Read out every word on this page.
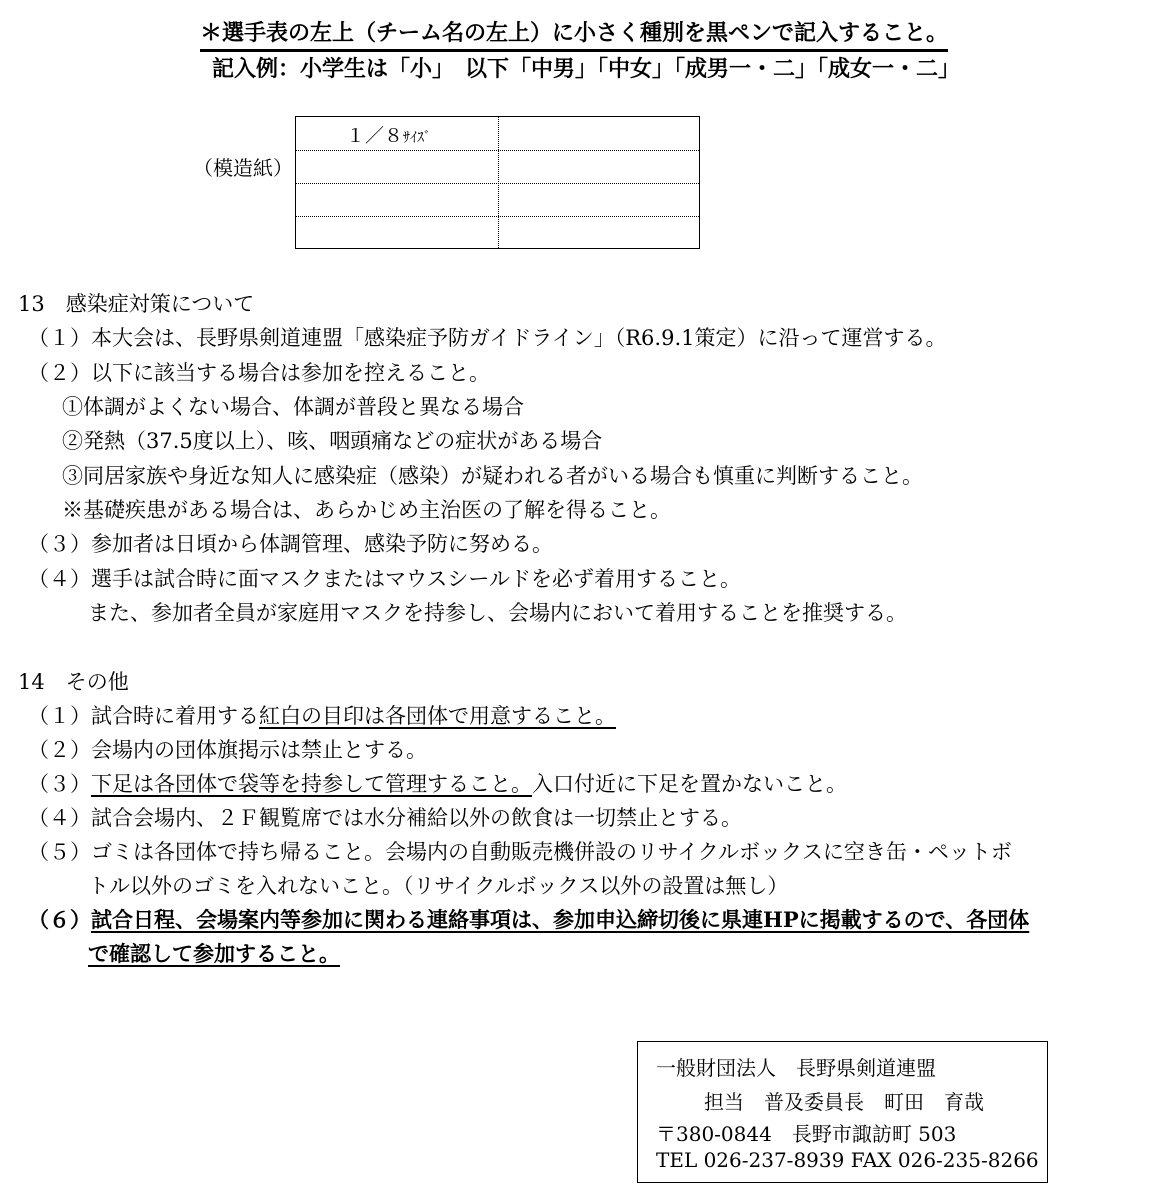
＊選手表の左上（チーム名の左上）に小さく種別を黒ペンで記入すること。
記入例：小学生は「小」　以下「中男」「中女」「成男一・二」「成女一・二」
（模造紙）
１／８ｻｲｽﾞ
13　感染症対策について
（１）本大会は、長野県剣道連盟「感染症予防ガイドライン」（R6.9.1策定）に沿って運営する。
（２）以下に該当する場合は参加を控えること。
①体調がよくない場合、体調が普段と異なる場合
②発熱（37.5度以上）、咳、咽頭痛などの症状がある場合
③同居家族や身近な知人に感染症（感染）が疑われる者がいる場合も慎重に判断すること。
※基礎疾患がある場合は、あらかじめ主治医の了解を得ること。
（３）参加者は日頃から体調管理、感染予防に努める。
（４）選手は試合時に面マスクまたはマウスシールドを必ず着用すること。
また、参加者全員が家庭用マスクを持参し、会場内において着用することを推奨する。
14　その他
（１）試合時に着用する紅白の目印は各団体で用意すること。
（２）会場内の団体旗掲示は禁止とする。
（３）下足は各団体で袋等を持参して管理すること。入口付近に下足を置かないこと。
（４）試合会場内、２Ｆ観覧席では水分補給以外の飲食は一切禁止とする。
（５）ゴミは各団体で持ち帰ること。会場内の自動販売機併設のリサイクルボックスに空き缶・ペットボ
トル以外のゴミを入れないこと。（リサイクルボックス以外の設置は無し）
（６）試合日程、会場案内等参加に関わる連絡事項は、参加申込締切後に県連HPに掲載するので、各団体
で確認して参加すること。
一般財団法人　長野県剣道連盟
担当　普及委員長　町田　育哉
〒380-0844　長野市諏訪町 503
TEL 026-237-8939 FAX 026-235-8266
